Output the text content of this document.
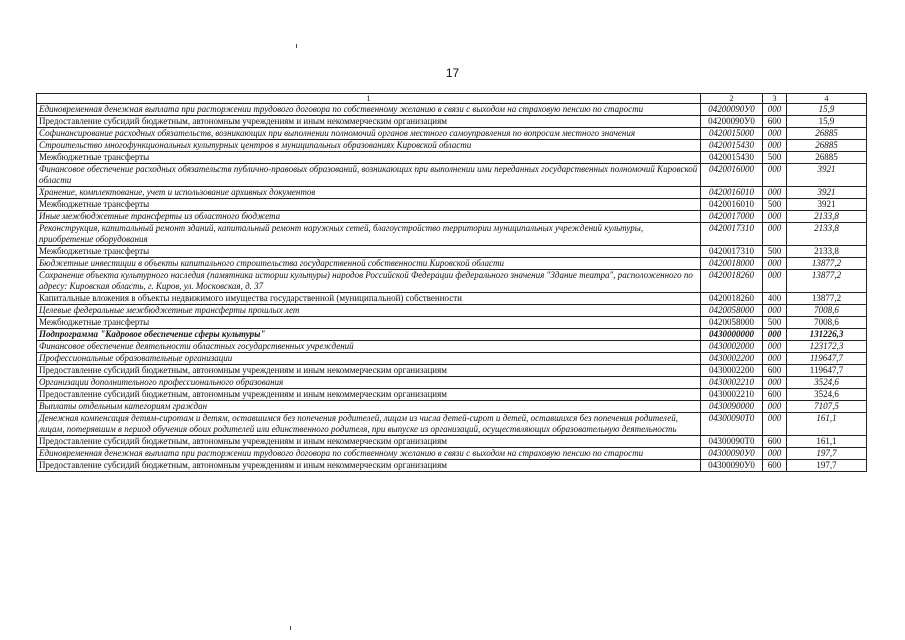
17
1	2	3	4
Единовременная денежная выплата при расторжении трудового договора по собственному желанию в связи с выходом на страховую пенсию по старости	04200090У0	000	15,9
Предоставление субсидий бюджетным, автономным учреждениям и иным некоммерческим организациям	04200090У0	600	15,9
Софинансирование расходных обязательств, возникающих при выполнении полномочий органов местного самоуправления по вопросам местного значения	0420015000	000	26885
Строительство многофункциональных культурных центров в муниципальных образованиях Кировской области	0420015430	000	26885
Межбюджетные трансферты	0420015430	500	26885
Финансовое обеспечение расходных обязательств публично-правовых образований, возникающих при выполнении ими переданных государственных полномочий Кировской области	0420016000	000	3921
Хранение, комплектование, учет и использование архивных документов	0420016010	000	3921
Межбюджетные трансферты	0420016010	500	3921
Иные межбюджетные трансферты из областного бюджета	0420017000	000	2133,8
Реконструкция, капитальный ремонт зданий, капитальный ремонт наружных сетей, благоустройство территории муниципальных учреждений культуры, приобретение оборудования	0420017310	000	2133,8
Межбюджетные трансферты	0420017310	500	2133,8
Бюджетные инвестиции в объекты капитального строительства государственной собственности Кировской области	0420018000	000	13877,2
Сохранение объекта культурного наследия (памятника истории культуры) народов Российской Федерации федерального значения "Здание театра", расположенного по адресу: Кировская область, г. Киров, ул. Московская, д. 37	0420018260	000	13877,2
Капитальные вложения в объекты недвижимого имущества государственной (муниципальной) собственности	0420018260	400	13877,2
Целевые федеральные межбюджетные трансферты прошлых лет	0420058000	000	7008,6
Межбюджетные трансферты	0420058000	500	7008,6
Подпрограмма "Кадровое обеспечение сферы культуры"	0430000000	000	131226,3
Финансовое обеспечение деятельности областных государственных учреждений	0430002000	000	123172,3
Профессиональные образовательные организации	0430002200	000	119647,7
Предоставление субсидий бюджетным, автономным учреждениям и иным некоммерческим организациям	0430002200	600	119647,7
Организации дополнительного профессионального образования	0430002210	000	3524,6
Предоставление субсидий бюджетным, автономным учреждениям и иным некоммерческим организациям	0430002210	600	3524,6
Выплаты отдельным категориям граждан	0430090000	000	7107,5
Денежная компенсация детям-сиротам и детям, оставшимся без попечения родителей, лицам из числа детей-сирот и детей, оставшихся без попечения родителей, лицам, потерявшим в период обучения обоих родителей или единственного родителя, при выпуске из организаций, осуществляющих образовательную деятельность	04300090Т0	000	161,1
Предоставление субсидий бюджетным, автономным учреждениям и иным некоммерческим организациям	04300090Т0	600	161,1
Единовременная денежная выплата при расторжении трудового договора по собственному желанию в связи с выходом на страховую пенсию по старости	04300090У0	000	197,7
Предоставление субсидий бюджетным, автономным учреждениям и иным некоммерческим организациям	04300090У0	600	197,7
